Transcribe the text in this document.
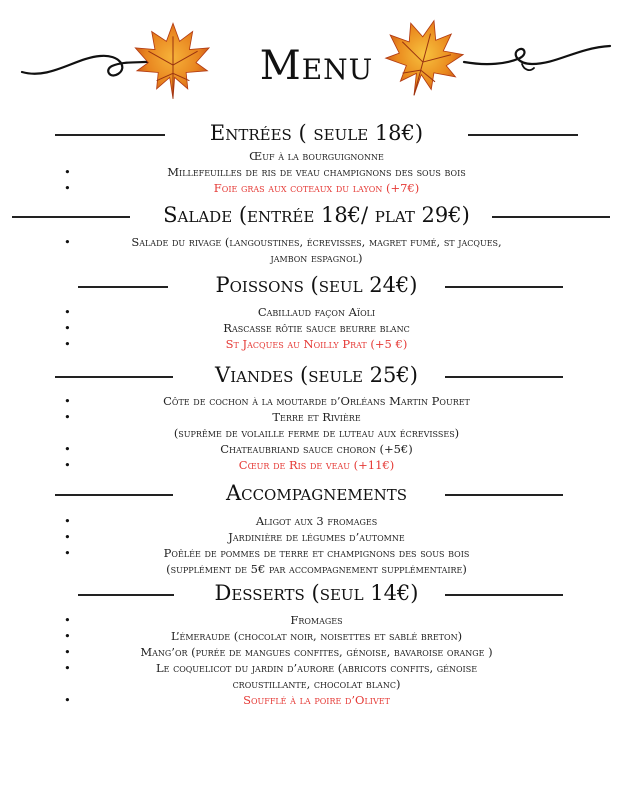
Menu
Entrées ( seule 18€)
Œuf à la bourguignonne
• Millefeuilles de ris de veau champignons des sous bois
• Foie gras aux coteaux du layon (+7€)
Salade (entrée 18€/ plat 29€)
• Salade du rivage (langoustines, écrevisses, magret fumé, st jacques,
jambon espagnol)
Poissons (seul 24€)
• Cabillaud façon Aïoli
• Rascasse rôtie sauce beurre blanc
• St Jacques au Noilly Prat (+5 €)
Viandes (seule 25€)
• Côte de cochon à la moutarde d’Orléans Martin Pouret
• Terre et Rivière
(suprême de volaille ferme de luteau aux écrevisses)
• Chateaubriand sauce choron (+5€)
• Cœur de Ris de veau (+11€)
Accompagnements
• Aligot aux 3 fromages
• Jardinière de légumes d’automne
• Poêlée de pommes de terre et champignons des sous bois
(supplément de 5€ par accompagnement supplémentaire)
Desserts (seul 14€)
• Fromages
• L’émeraude (chocolat noir, noisettes et sablé breton)
• Mang’or (purée de mangues confites, génoise, bavaroise orange )
• Le coquelicot du jardin d’aurore (abricots confits, génoise
croustillante, chocolat blanc)
• Soufflé à la poire d’Olivet
